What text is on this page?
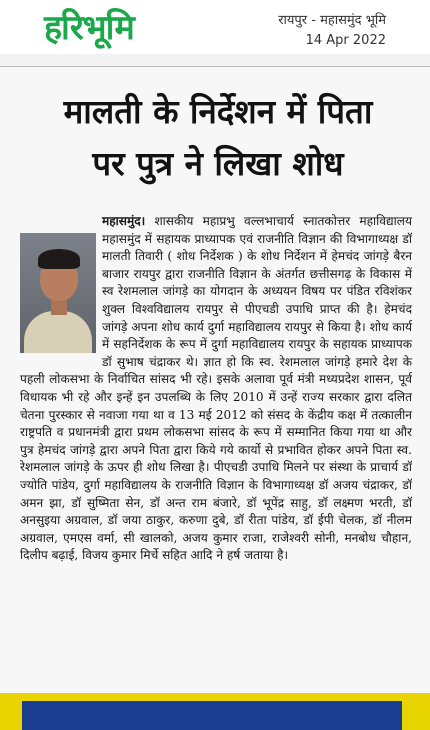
हरिभूमि	रायपुर - महासमुंद भूमि
14 Apr 2022
मालती के निर्देशन में पिता
पर पुत्र ने लिखा शोध
महासमुंद। शासकीय महाप्रभु वल्लभाचार्य स्नातकोत्तर महाविद्यालय महासमुंद में सहायक प्राध्यापक एवं राजनीति विज्ञान की विभागाध्यक्ष डॉ मालती तिवारी ( शोध निर्देशक ) के शोध निर्देशन में हेमचंद जांगड़े बैरन बाजार रायपुर द्वारा राजनीति विज्ञान के अंतर्गत छत्तीसगढ़ के विकास में स्व रेशमलाल जांगड़े का योगदान के अध्ययन विषय पर पंडित रविशंकर शुक्ल विश्वविद्यालय रायपुर से पीएचडी उपाधि प्राप्त की है। हेमचंद जांगड़े अपना शोध कार्य दुर्गा महाविद्यालय रायपुर से किया है। शोध कार्य में सहनिर्देशक के रूप में दुर्गा महाविद्यालय रायपुर के सहायक प्राध्यापक डॉ सुभाष चंद्राकर थे। ज्ञात हो कि स्व. रेशमलाल जांगड़े हमारे देश के पहली लोकसभा के निर्वाचित सांसद भी रहे। इसके अलावा पूर्व मंत्री मध्यप्रदेश शासन, पूर्व विधायक भी रहे और इन्हें इन उपलब्धि के लिए 2010 में उन्हें राज्य सरकार द्वारा दलित चेतना पुरस्कार से नवाजा गया था व 13 मई 2012 को संसद के केंद्रीय कक्ष में तत्कालीन राष्ट्रपति व प्रधानमंत्री द्वारा प्रथम लोकसभा सांसद के रूप में सम्मानित किया गया था और पुत्र हेमचंद जांगड़े द्वारा अपने पिता द्वारा किये गये कार्यो से प्रभावित होकर अपने पिता स्व. रेशमलाल जांगड़े के ऊपर ही शोध लिखा है। पीएचडी उपाधि मिलने पर संस्था के प्राचार्य डॉ ज्योति पांडेय, दुर्गा महाविद्यालय के राजनीति विज्ञान के विभागाध्यक्ष डॉ अजय चंद्राकर, डॉ अमन झा, डॉ सुष्मिता सेन, डॉ अन्त राम बंजारे, डॉ भूपेंद्र साहु, डॉ लक्ष्मण भरती, डॉ अनसुइया अग्रवाल, डॉ जया ठाकुर, करुणा दुबे, डॉ रीता पांडेय, डॉ ईपी चेलक, डॉ नीलम अग्रवाल, एमएस वर्मा, सी खालको, अजय कुमार राजा, राजेश्वरी सोनी, मनबोध चौहान, दिलीप बढ़ाई, विजय कुमार मिर्चे सहित आदि ने हर्ष जताया है।
